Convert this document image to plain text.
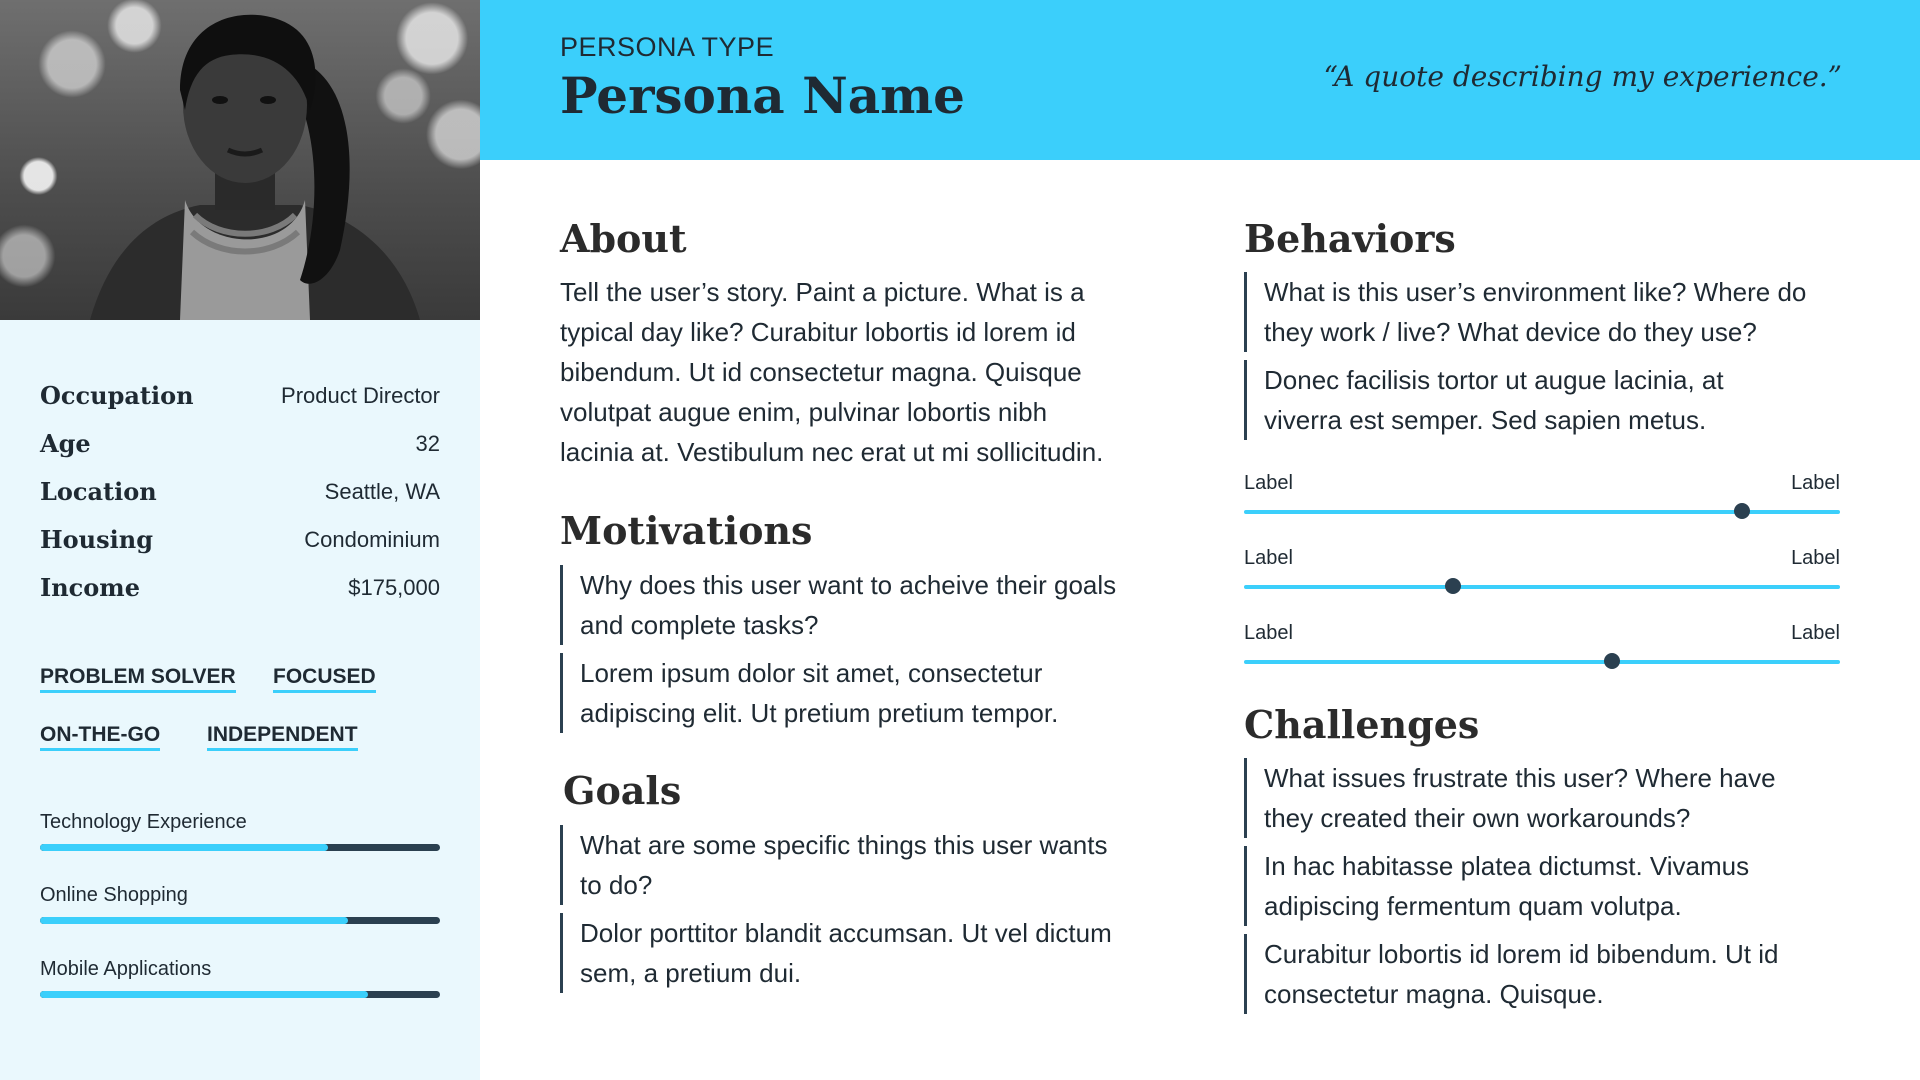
Occupation	Product Director
Age	32
Location	Seattle, WA
Housing	Condominium
Income	$175,000
PROBLEM SOLVER FOCUSED
ON-THE-GO INDEPENDENT
Technology Experience
Online Shopping
Mobile Applications
PERSONA TYPE
Persona Name	“A quote describing my experience.”
About
Tell the user’s story. Paint a picture. What is a
typical day like? Curabitur lobortis id lorem id
bibendum. Ut id consectetur magna. Quisque
volutpat augue enim, pulvinar lobortis nibh
lacinia at. Vestibulum nec erat ut mi sollicitudin.
Motivations
Why does this user want to acheive their goals
and complete tasks?
Lorem ipsum dolor sit amet, consectetur
adipiscing elit. Ut pretium pretium tempor.
Goals
What are some specific things this user wants
to do?
Dolor porttitor blandit accumsan. Ut vel dictum
sem, a pretium dui.
Behaviors
What is this user’s environment like? Where do
they work / live? What device do they use?
Donec facilisis tortor ut augue lacinia, at
viverra est semper. Sed sapien metus.
Label	Label
Label	Label
Label	Label
Challenges
What issues frustrate this user? Where have
they created their own workarounds?
In hac habitasse platea dictumst. Vivamus
adipiscing fermentum quam volutpa.
Curabitur lobortis id lorem id bibendum. Ut id
consectetur magna. Quisque.
